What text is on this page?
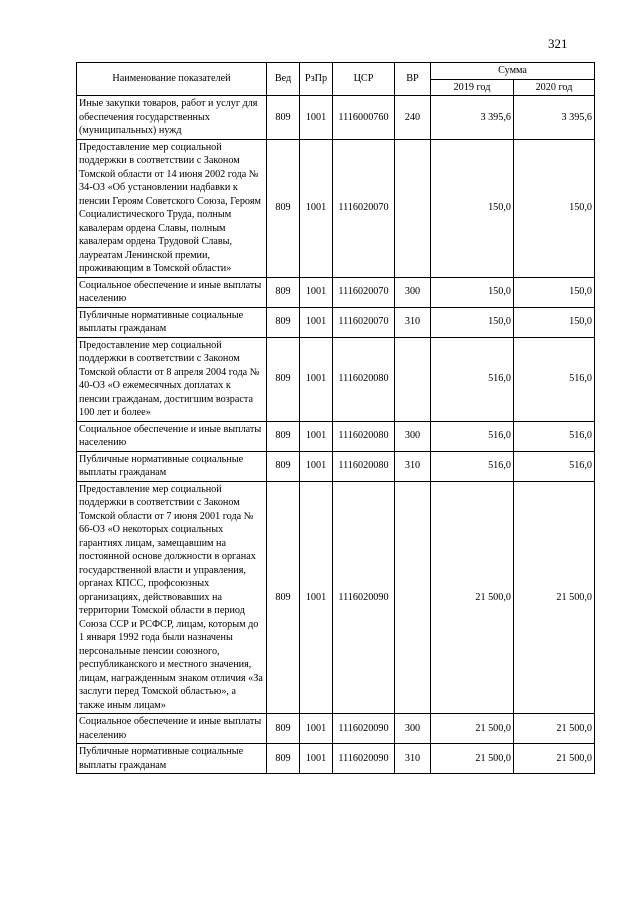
321
Наименование показателей	Вед	РзПр	ЦСР	ВР	Сумма	
					2019 год	2020 год
Иные закупки товаров, работ и услуг для обеспечения государственных (муниципальных) нужд	809	1001	1116000760	240	3 395,6	3 395,6
Предоставление мер социальной поддержки в соответствии с Законом Томской области от 14 июня 2002 года № 34-ОЗ «Об установлении надбавки к пенсии Героям Советского Союза, Героям Социалистического Труда, полным кавалерам ордена Славы, полным кавалерам ордена Трудовой Славы, лауреатам Ленинской премии, проживающим в Томской области»	809	1001	1116020070		150,0	150,0
Социальное обеспечение и иные выплаты населению	809	1001	1116020070	300	150,0	150,0
Публичные нормативные социальные выплаты гражданам	809	1001	1116020070	310	150,0	150,0
Предоставление мер социальной поддержки в соответствии с Законом Томской области от 8 апреля 2004 года № 40-ОЗ «О ежемесячных доплатах к пенсии гражданам, достигшим возраста 100 лет и более»	809	1001	1116020080		516,0	516,0
Социальное обеспечение и иные выплаты населению	809	1001	1116020080	300	516,0	516,0
Публичные нормативные социальные выплаты гражданам	809	1001	1116020080	310	516,0	516,0
Предоставление мер социальной поддержки в соответствии с Законом Томской области от 7 июня 2001 года № 66-ОЗ «О некоторых социальных гарантиях лицам, замещавшим на постоянной основе должности в органах государственной власти и управления, органах КПСС, профсоюзных организациях, действовавших на территории Томской области в период Союза ССР и РСФСР, лицам, которым до 1 января 1992 года были назначены персональные пенсии союзного, республиканского и местного значения, лицам, награжденным знаком отличия «За заслуги перед Томской областью», а также иным лицам»	809	1001	1116020090		21 500,0	21 500,0
Социальное обеспечение и иные выплаты населению	809	1001	1116020090	300	21 500,0	21 500,0
Публичные нормативные социальные выплаты гражданам	809	1001	1116020090	310	21 500,0	21 500,0
